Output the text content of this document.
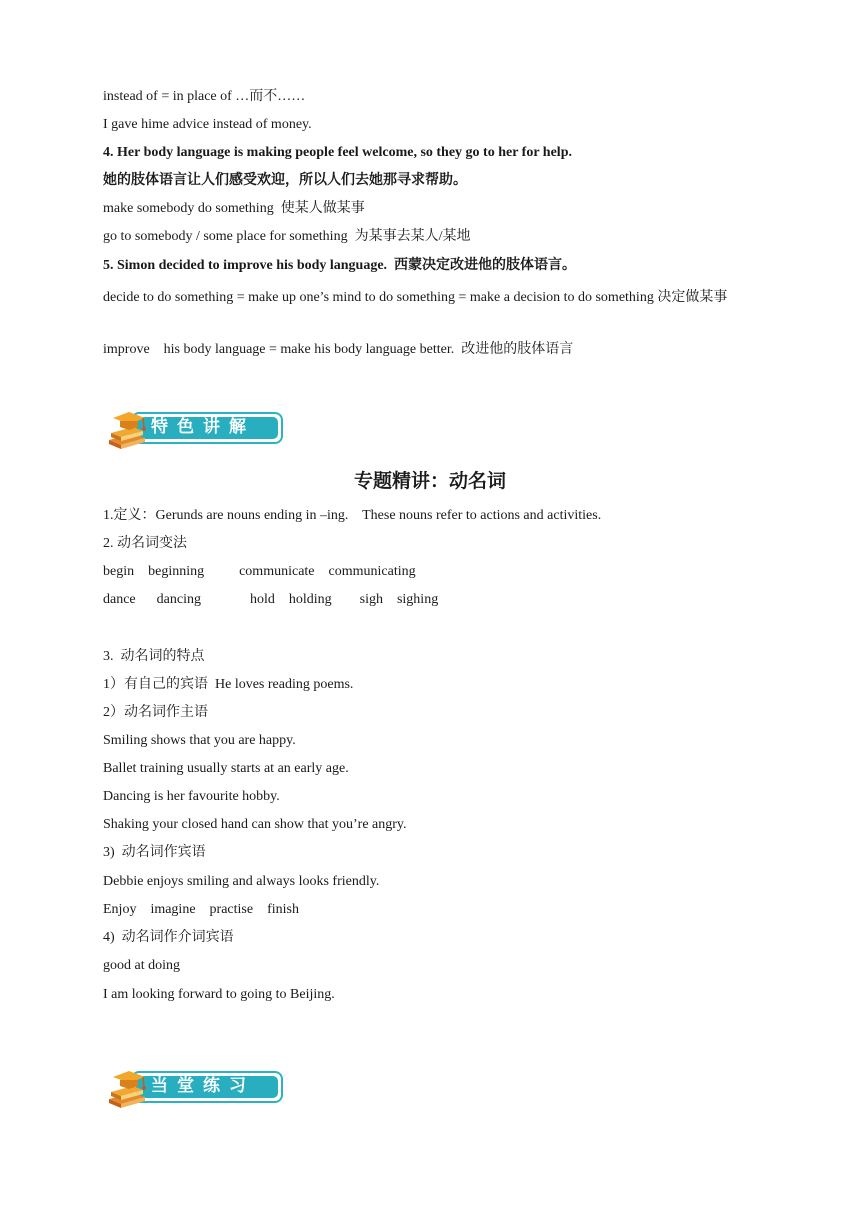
instead of = in place of …而不……
I gave hime advice instead of money.
4. Her body language is making people feel welcome, so they go to her for help.
她的肢体语言让人们感受欢迎，所以人们去她那寻求帮助。
make somebody do something  使某人做某事
go to somebody / some place for something  为某事去某人/某地
5. Simon decided to improve his body language.  西蒙决定改进他的肢体语言。
decide to do something = make up one’s mind to do something = make a decision to do something 决定做某事
improve    his body language = make his body language better.  改进他的肢体语言
特色讲解
专题精讲：动名词
1.定义：Gerunds are nouns ending in –ing.    These nouns refer to actions and activities.
2. 动名词变法
begin    beginning          communicate    communicating
dance      dancing              hold    holding        sigh    sighing
3.  动名词的特点
1）有自己的宾语  He loves reading poems.
2）动名词作主语
Smiling shows that you are happy.
Ballet training usually starts at an early age.
Dancing is her favourite hobby.
Shaking your closed hand can show that you’re angry.
3)  动名词作宾语
Debbie enjoys smiling and always looks friendly.
Enjoy    imagine    practise    finish
4)  动名词作介词宾语
good at doing
I am looking forward to going to Beijing.
当堂练习
